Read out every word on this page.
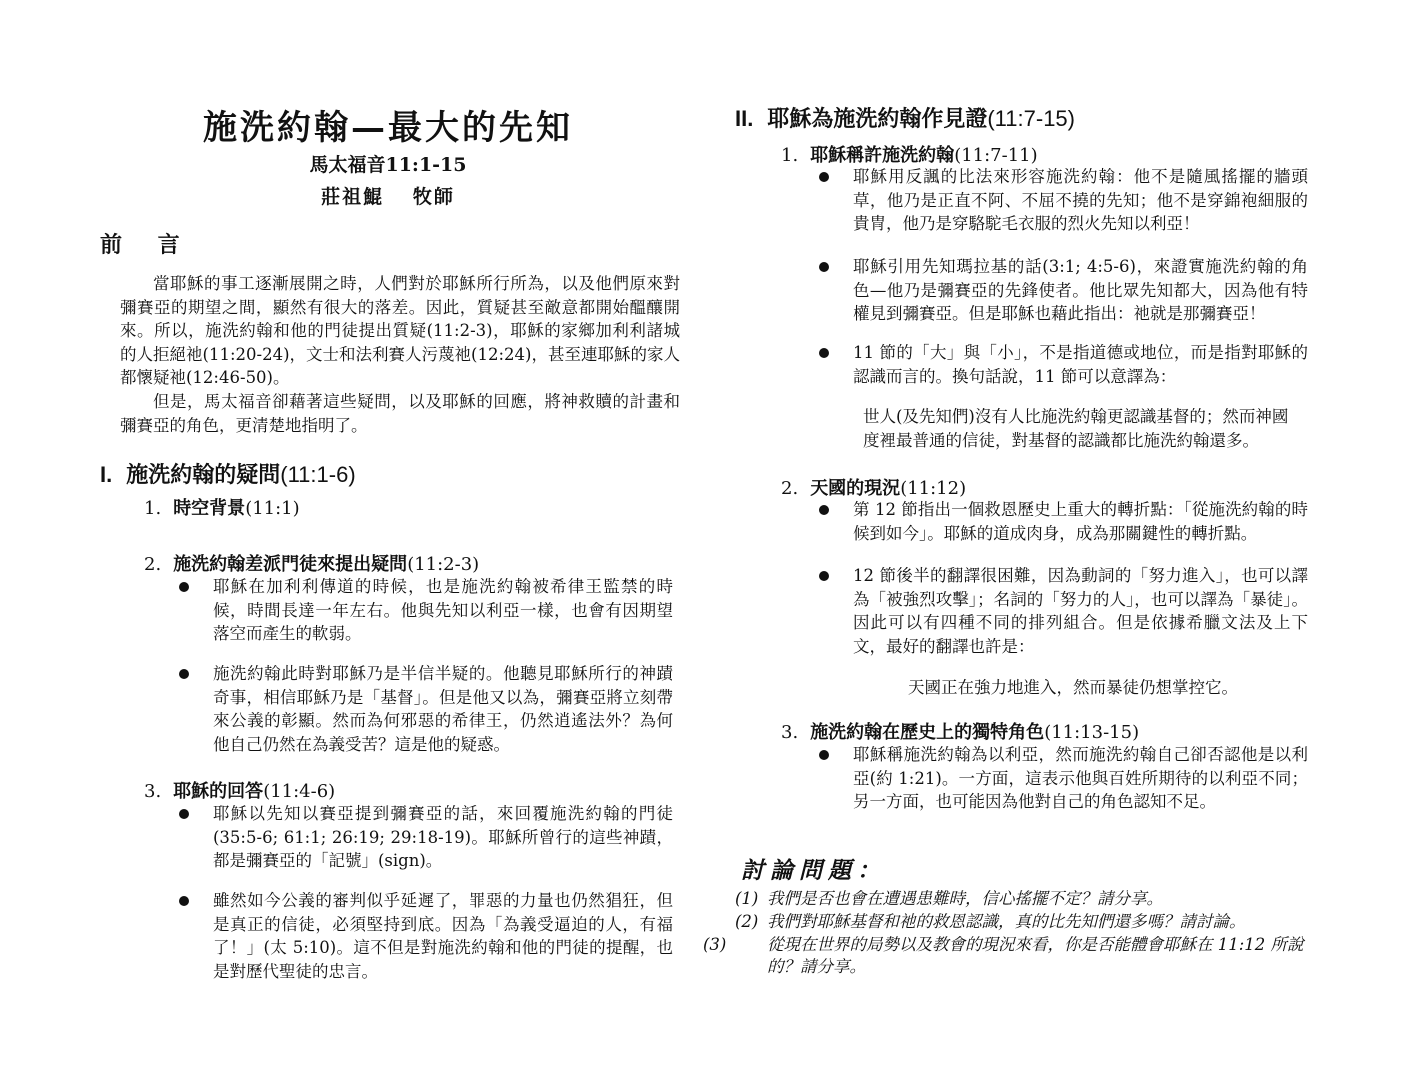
施洗約翰—最大的先知
馬太福音11:1-15
莊祖鯤 牧師
前 言
當耶穌的事工逐漸展開之時，人們對於耶穌所行所為，以及他們原來對彌賽亞的期望之間，顯然有很大的落差。因此，質疑甚至敵意都開始醞釀開來。所以，施洗約翰和他的門徒提出質疑(11:2-3)，耶穌的家鄉加利利諸城的人拒絕祂(11:20-24)，文士和法利賽人污蔑祂(12:24)，甚至連耶穌的家人都懷疑祂(12:46-50)。
但是，馬太福音卻藉著這些疑問，以及耶穌的回應，將神救贖的計畫和彌賽亞的角色，更清楚地指明了。
I. 施洗約翰的疑問(11:1-6)
1. 時空背景(11:1)
2. 施洗約翰差派門徒來提出疑問(11:2-3)
耶穌在加利利傳道的時候，也是施洗約翰被希律王監禁的時候，時間長達一年左右。他與先知以利亞一樣，也會有因期望落空而產生的軟弱。
施洗約翰此時對耶穌乃是半信半疑的。他聽見耶穌所行的神蹟奇事，相信耶穌乃是「基督」。但是他又以為，彌賽亞將立刻帶來公義的彰顯。然而為何邪惡的希律王，仍然逍遙法外？為何他自己仍然在為義受苦？這是他的疑惑。
3. 耶穌的回答(11:4-6)
耶穌以先知以賽亞提到彌賽亞的話，來回覆施洗約翰的門徒(35:5-6; 61:1; 26:19; 29:18-19)。耶穌所曾行的這些神蹟，都是彌賽亞的「記號」(sign)。
雖然如今公義的審判似乎延遲了，罪惡的力量也仍然猖狂，但是真正的信徒，必須堅持到底。因為「為義受逼迫的人，有福了！」(太 5:10)。這不但是對施洗約翰和他的門徒的提醒，也是對歷代聖徒的忠言。
II. 耶穌為施洗約翰作見證(11:7-15)
1. 耶穌稱許施洗約翰(11:7-11)
耶穌用反諷的比法來形容施洗約翰：他不是隨風搖擺的牆頭草，他乃是正直不阿、不屈不撓的先知；他不是穿錦袍細服的貴冑，他乃是穿駱駝毛衣服的烈火先知以利亞！
耶穌引用先知瑪拉基的話(3:1; 4:5-6)，來證實施洗約翰的角色—他乃是彌賽亞的先鋒使者。他比眾先知都大，因為他有特權見到彌賽亞。但是耶穌也藉此指出：祂就是那彌賽亞！
11 節的「大」與「小」，不是指道德或地位，而是指對耶穌的認識而言的。換句話說，11 節可以意譯為：
世人(及先知們)沒有人比施洗約翰更認識基督的；然而神國度裡最普通的信徒，對基督的認識都比施洗約翰還多。
2. 天國的現況(11:12)
第 12 節指出一個救恩歷史上重大的轉折點：「從施洗約翰的時候到如今」。耶穌的道成肉身，成為那關鍵性的轉折點。
12 節後半的翻譯很困難，因為動詞的「努力進入」，也可以譯為「被強烈攻擊」；名詞的「努力的人」，也可以譯為「暴徒」。因此可以有四種不同的排列組合。但是依據希臘文法及上下文，最好的翻譯也許是：
天國正在強力地進入，然而暴徒仍想掌控它。
3. 施洗約翰在歷史上的獨特角色(11:13-15)
耶穌稱施洗約翰為以利亞，然而施洗約翰自己卻否認他是以利亞(約 1:21)。一方面，這表示他與百姓所期待的以利亞不同；另一方面，也可能因為他對自己的角色認知不足。
討論問題：
(1) 我們是否也會在遭遇患難時，信心搖擺不定？請分享。
(2) 我們對耶穌基督和祂的救恩認識，真的比先知們還多嗎？請討論。
(3) 從現在世界的局勢以及教會的現況來看，你是否能體會耶穌在 11:12 所說的？請分享。
